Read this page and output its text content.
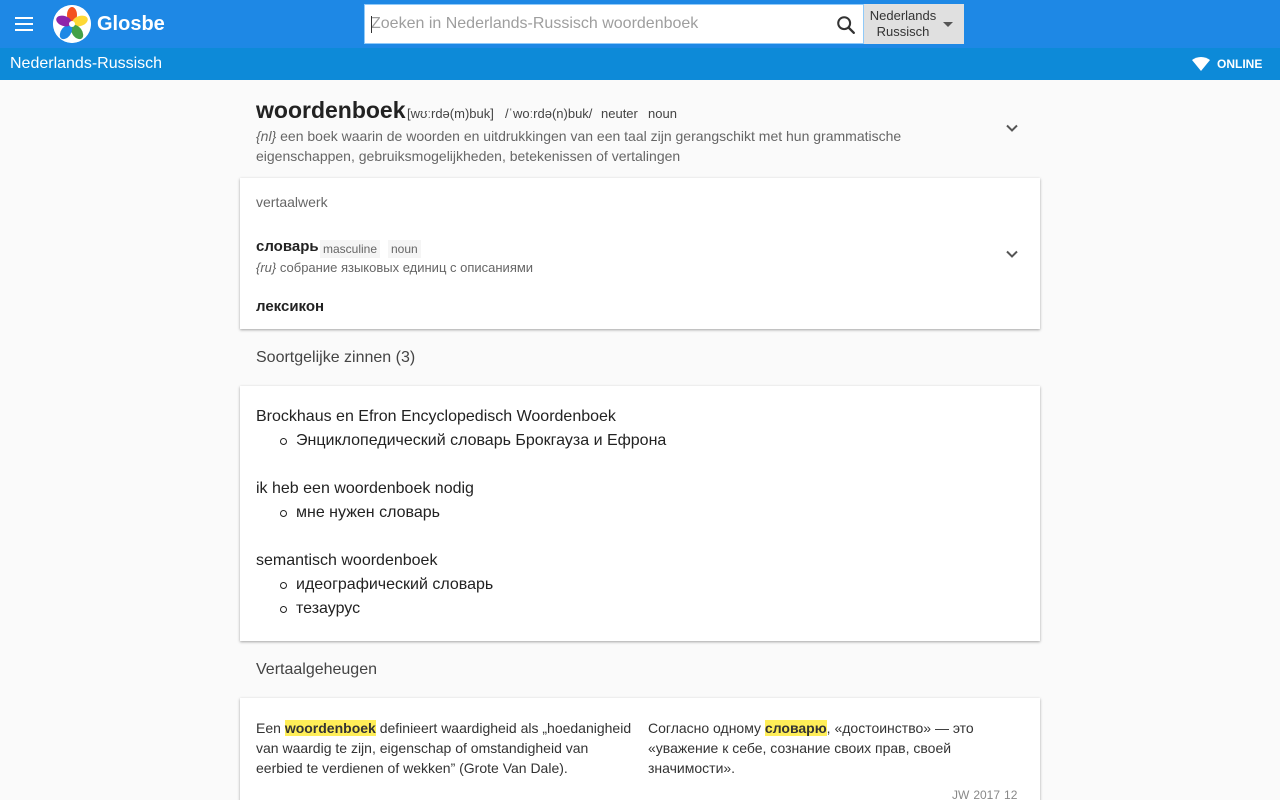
Glosbe
Zoeken in Nederlands-Russisch woordenboek	Nederlands
Russisch
Nederlands-Russisch	ONLINE
woordenboek [wʊːrdə(m)buk] /ˈwoːrdə(n)buk/ neuter noun
{nl} een boek waarin de woorden en uitdrukkingen van een taal zijn gerangschikt met hun grammatische eigenschappen, gebruiksmogelijkheden, betekenissen of vertalingen
vertaalwerk
словарь masculine noun
{ru} собрание языковых единиц с описаниями
лексикон
Soortgelijke zinnen (3)
Brockhaus en Efron Encyclopedisch Woordenboek
Энциклопедический словарь Брокгауза и Ефрона
ik heb een woordenboek nodig
мне нужен словарь
semantisch woordenboek
идеографический словарь
тезаурус
Vertaalgeheugen
Een woordenboek definieert waardigheid als „hoedanigheid van waardig te zijn, eigenschap of omstandigheid van eerbied te verdienen of wekken” (Grote Van Dale).
Согласно одному словарю, «достоинство» — это «уважение к себе, сознание своих прав, своей значимости».
JW 2017 12
